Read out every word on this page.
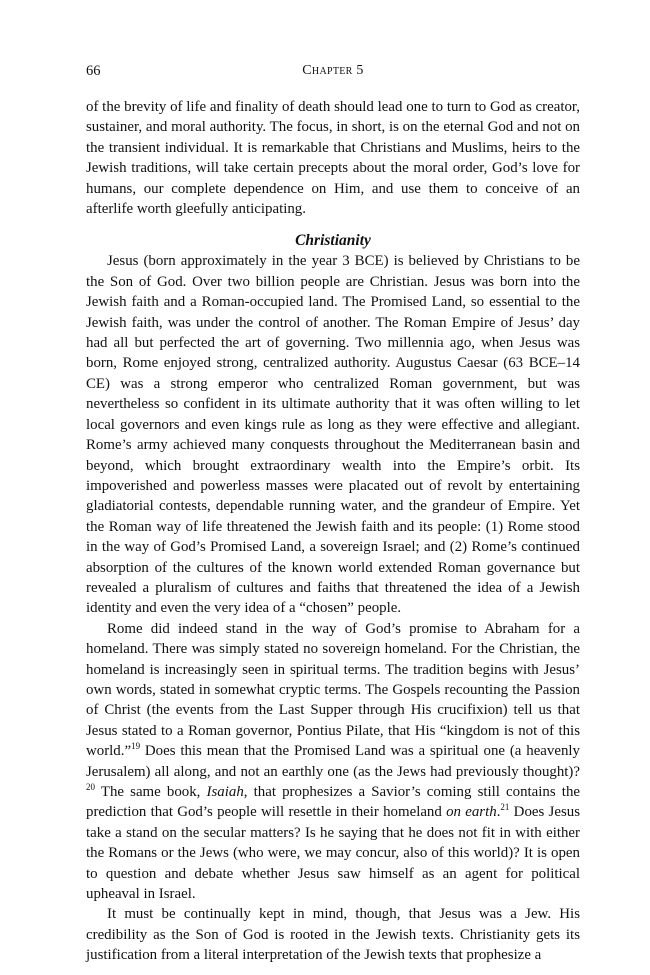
66	Chapter 5

of the brevity of life and finality of death should lead one to turn to God as creator, sustainer, and moral authority. The focus, in short, is on the eternal God and not on the transient individual. It is remarkable that Christians and Muslims, heirs to the Jewish traditions, will take certain precepts about the moral order, God’s love for humans, our complete dependence on Him, and use them to conceive of an afterlife worth gleefully anticipating.

Christianity

Jesus (born approximately in the year 3 BCE) is believed by Christians to be the Son of God. Over two billion people are Christian. Jesus was born into the Jewish faith and a Roman-occupied land. The Promised Land, so essential to the Jewish faith, was under the control of another. The Roman Empire of Jesus’ day had all but perfected the art of governing. Two millennia ago, when Jesus was born, Rome enjoyed strong, centralized authority. Augustus Caesar (63 BCE–14 CE) was a strong emperor who centralized Roman government, but was nevertheless so confident in its ultimate authority that it was often willing to let local governors and even kings rule as long as they were effective and allegiant. Rome’s army achieved many conquests throughout the Mediterranean basin and beyond, which brought extraordinary wealth into the Empire’s orbit. Its impoverished and powerless masses were placated out of revolt by entertaining gladiatorial contests, dependable running water, and the grandeur of Empire. Yet the Roman way of life threatened the Jewish faith and its people: (1) Rome stood in the way of God’s Promised Land, a sovereign Israel; and (2) Rome’s continued absorption of the cultures of the known world extended Roman governance but revealed a pluralism of cultures and faiths that threatened the idea of a Jewish identity and even the very idea of a “chosen” people.

Rome did indeed stand in the way of God’s promise to Abraham for a homeland. There was simply stated no sovereign homeland. For the Christian, the homeland is increasingly seen in spiritual terms. The tradition begins with Jesus’ own words, stated in somewhat cryptic terms. The Gospels recounting the Passion of Christ (the events from the Last Supper through His crucifixion) tell us that Jesus stated to a Roman governor, Pontius Pilate, that His “kingdom is not of this world.”$^{19}$ Does this mean that the Promised Land was a spiritual one (a heavenly Jerusalem) all along, and not an earthly one (as the Jews had previously thought)?$^{20}$ The same book, Isaiah, that prophesizes a Savior’s coming still contains the prediction that God’s people will resettle in their homeland on earth.$^{21}$ Does Jesus take a stand on the secular matters? Is he saying that he does not fit in with either the Romans or the Jews (who were, we may concur, also of this world)? It is open to question and debate whether Jesus saw himself as an agent for political upheaval in Israel.

It must be continually kept in mind, though, that Jesus was a Jew. His credibility as the Son of God is rooted in the Jewish texts. Christianity gets its justification from a literal interpretation of the Jewish texts that prophesize a
